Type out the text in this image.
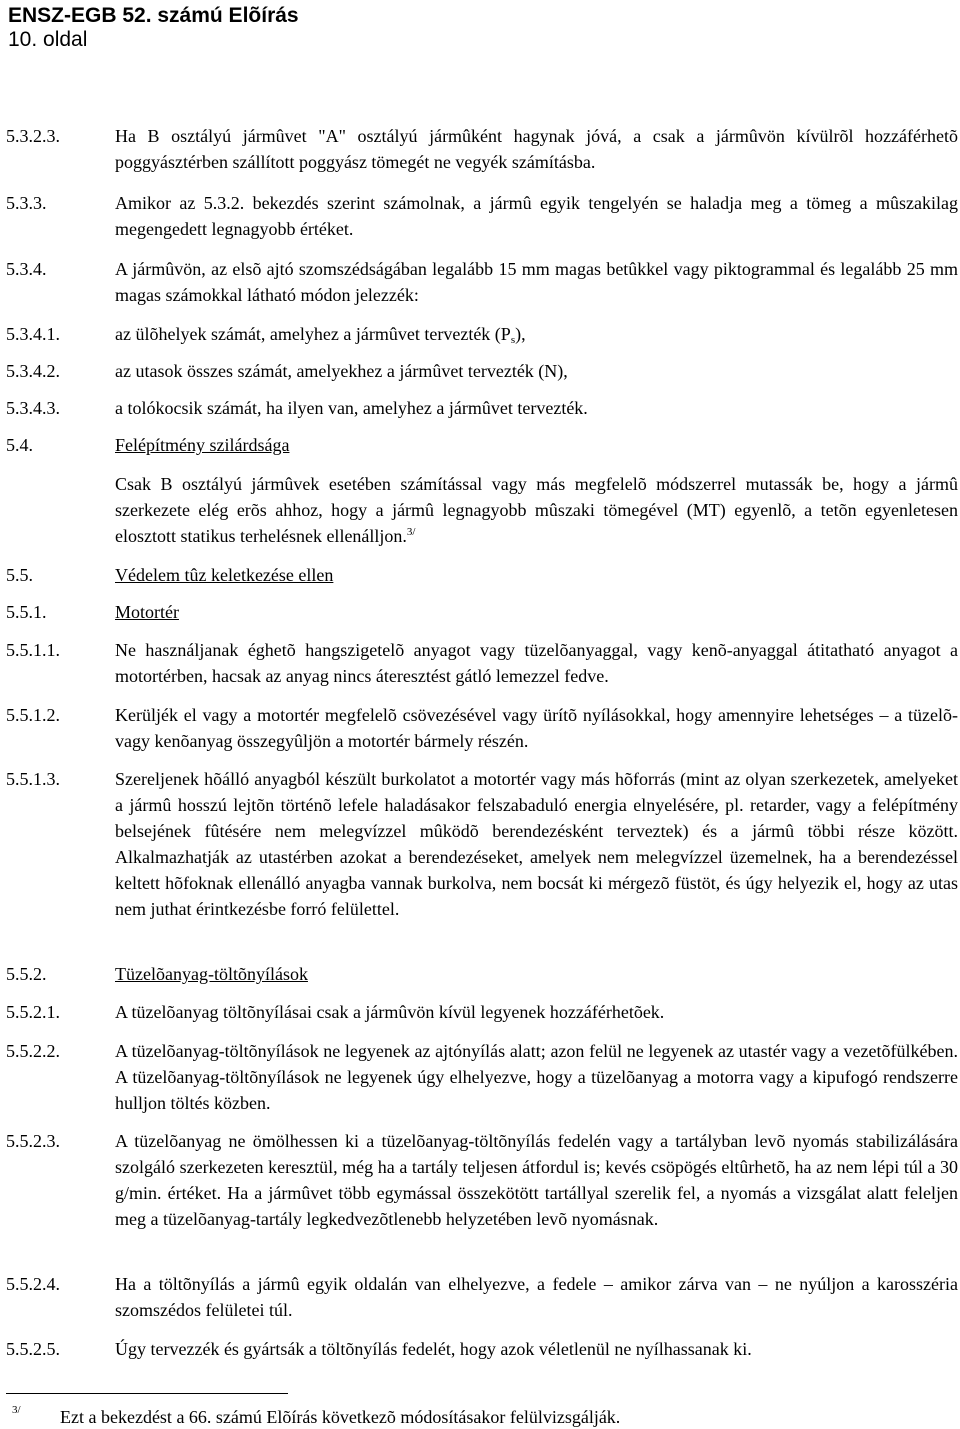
ENSZ-EGB 52. számú Elõírás
10. oldal
5.3.2.3.	Ha B osztályú jármûvet "A" osztályú jármûként hagynak jóvá, a csak a jármûvön kívülrõl hozzáférhetõ poggyásztérben szállított poggyász tömegét ne vegyék számításba.
5.3.3.	Amikor az 5.3.2. bekezdés szerint számolnak, a jármû egyik tengelyén se haladja meg a tömeg a mûszakilag megengedett legnagyobb értéket.
5.3.4.	A jármûvön, az elsõ ajtó szomszédságában legalább 15 mm magas betûkkel vagy piktogrammal és legalább 25 mm magas számokkal látható módon jelezzék:
5.3.4.1.	az ülõhelyek számát, amelyhez a jármûvet tervezték $(P_s)$,
5.3.4.2.	az utasok összes számát, amelyekhez a jármûvet tervezték (N),
5.3.4.3.	a tolókocsik számát, ha ilyen van, amelyhez a jármûvet tervezték.
5.4.	Felépítmény szilárdsága
Csak B osztályú jármûvek esetében számítással vagy más megfelelõ módszerrel mutassák be, hogy a jármû szerkezete elég erõs ahhoz, hogy a jármû legnagyobb mûszaki tömegével (MT) egyenlõ, a tetõn egyenletesen elosztott statikus terhelésnek ellenálljon.$^{3/}$
5.5.	Védelem tûz keletkezése ellen
5.5.1.	Motortér
5.5.1.1.	Ne használjanak éghetõ hangszigetelõ anyagot vagy tüzelõanyaggal, vagy kenõ-anyaggal átitatható anyagot a motortérben, hacsak az anyag nincs áteresztést gátló lemezzel fedve.
5.5.1.2.	Kerüljék el vagy a motortér megfelelõ csövezésével vagy ürítõ nyílásokkal, hogy amennyire lehetséges – a tüzelõ- vagy kenõanyag összegyûljön a motortér bármely részén.
5.5.1.3.	Szereljenek hõálló anyagból készült burkolatot a motortér vagy más hõforrás (mint az olyan szerkezetek, amelyeket a jármû hosszú lejtõn történõ lefele haladásakor felszabaduló energia elnyelésére, pl. retarder, vagy a felépítmény belsejének fûtésére nem melegvízzel mûködõ berendezésként terveztek) és a jármû többi része között. Alkalmazhatják az utastérben azokat a berendezéseket, amelyek nem melegvízzel üzemelnek, ha a berendezéssel keltett hõfoknak ellenálló anyagba vannak burkolva, nem bocsát ki mérgezõ füstöt, és úgy helyezik el, hogy az utas nem juthat érintkezésbe forró felülettel.
5.5.2.	Tüzelõanyag-töltõnyílások
5.5.2.1.	A tüzelõanyag töltõnyílásai csak a jármûvön kívül legyenek hozzáférhetõek.
5.5.2.2.	A tüzelõanyag-töltõnyílások ne legyenek az ajtónyílás alatt; azon felül ne legyenek az utastér vagy a vezetõfülkében. A tüzelõanyag-töltõnyílások ne legyenek úgy elhelyezve, hogy a tüzelõanyag a motorra vagy a kipufogó rendszerre hulljon töltés közben.
5.5.2.3.	A tüzelõanyag ne ömölhessen ki a tüzelõanyag-töltõnyílás fedelén vagy a tartályban levõ nyomás stabilizálására szolgáló szerkezeten keresztül, még ha a tartály teljesen átfordul is; kevés csöpögés eltûrhetõ, ha az nem lépi túl a 30 g/min. értéket. Ha a jármûvet több egymással összekötött tartállyal szerelik fel, a nyomás a vizsgálat alatt feleljen meg a tüzelõanyag-tartály legkedvezõtlenebb helyzetében levõ nyomásnak.
5.5.2.4.	Ha a töltõnyílás a jármû egyik oldalán van elhelyezve, a fedele – amikor zárva van – ne nyúljon a karosszéria szomszédos felületei túl.
5.5.2.5.	Úgy tervezzék és gyártsák a töltõnyílás fedelét, hogy azok véletlenül ne nyílhassanak ki.
3/ Ezt a bekezdést a 66. számú Elõírás következõ módosításakor felülvizsgálják.
